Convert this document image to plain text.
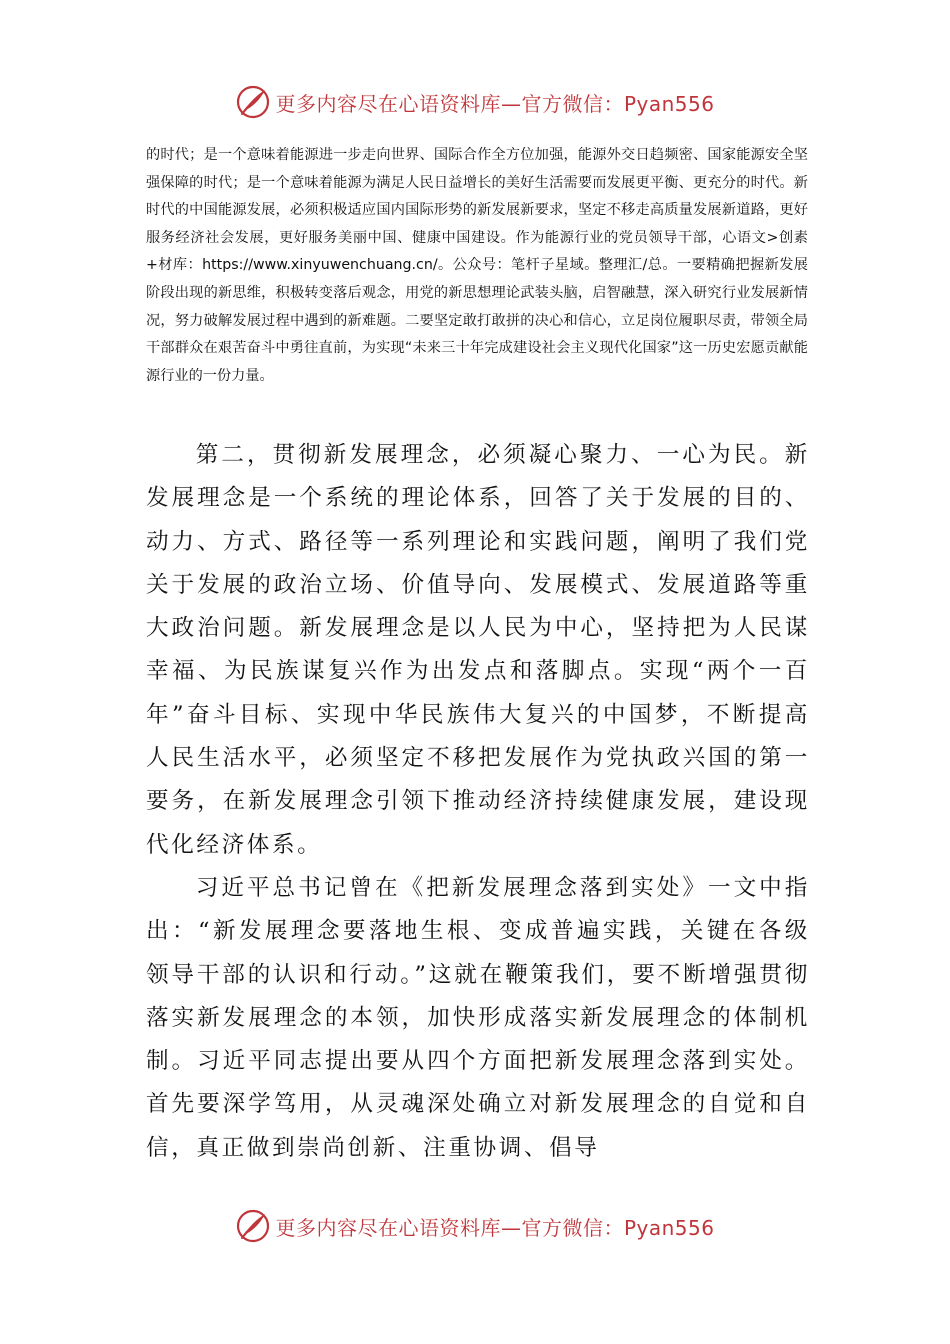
更多内容尽在心语资料库—官方微信：Pyan556

的时代；是一个意味着能源进一步走向世界、国际合作全方位加强，能源外交日趋频密、国家能源安全坚强保障的时代；是一个意味着能源为满足人民日益增长的美好生活需要而发展更平衡、更充分的时代。新时代的中国能源发展，必须积极适应国内国际形势的新发展新要求，坚定不移走高质量发展新道路，更好服务经济社会发展，更好服务美丽中国、健康中国建设。作为能源行业的党员领导干部，心语文>创素+材库：https://www.xinyuwenchuang.cn/。公众号：笔杆子星域。整理汇/总。一要精确把握新发展阶段出现的新思维，积极转变落后观念，用党的新思想理论武装头脑，启智融慧，深入研究行业发展新情况，努力破解发展过程中遇到的新难题。二要坚定敢打敢拼的决心和信心，立足岗位履职尽责，带领全局干部群众在艰苦奋斗中勇往直前，为实现“未来三十年完成建设社会主义现代化国家”这一历史宏愿贡献能源行业的一份力量。

第二，贯彻新发展理念，必须凝心聚力、一心为民。新发展理念是一个系统的理论体系，回答了关于发展的目的、动力、方式、路径等一系列理论和实践问题，阐明了我们党关于发展的政治立场、价值导向、发展模式、发展道路等重大政治问题。新发展理念是以人民为中心，坚持把为人民谋幸福、为民族谋复兴作为出发点和落脚点。实现“两个一百年”奋斗目标、实现中华民族伟大复兴的中国梦，不断提高人民生活水平，必须坚定不移把发展作为党执政兴国的第一要务，在新发展理念引领下推动经济持续健康发展，建设现代化经济体系。

习近平总书记曾在《把新发展理念落到实处》一文中指出：“新发展理念要落地生根、变成普遍实践，关键在各级领导干部的认识和行动。”这就在鞭策我们，要不断增强贯彻落实新发展理念的本领，加快形成落实新发展理念的体制机制。习近平同志提出要从四个方面把新发展理念落到实处。首先要深学笃用，从灵魂深处确立对新发展理念的自觉和自信，真正做到崇尚创新、注重协调、倡导

更多内容尽在心语资料库—官方微信：Pyan556
